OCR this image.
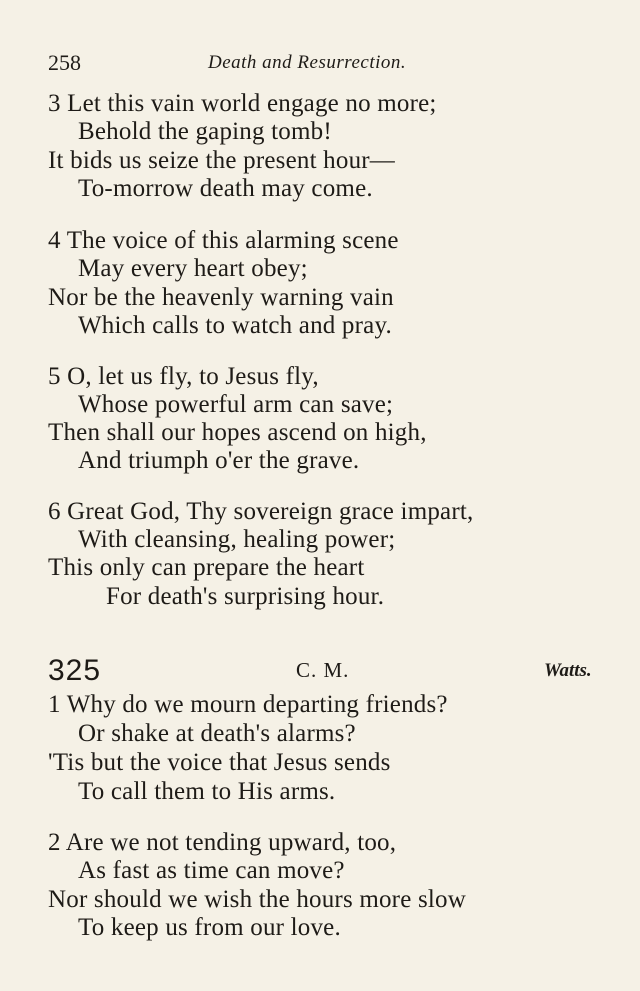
258	Death and Resurrection.
3 Let this vain world engage no more;
Behold the gaping tomb!
It bids us seize the present hour—
To-morrow death may come.
4 The voice of this alarming scene
May every heart obey;
Nor be the heavenly warning vain
Which calls to watch and pray.
5 O, let us fly, to Jesus fly,
Whose powerful arm can save;
Then shall our hopes ascend on high,
And triumph o'er the grave.
6 Great God, Thy sovereign grace impart,
With cleansing, healing power;
This only can prepare the heart
For death's surprising hour.
325	C. M.	Watts.
1 Why do we mourn departing friends?
Or shake at death's alarms?
'Tis but the voice that Jesus sends
To call them to His arms.
2 Are we not tending upward, too,
As fast as time can move?
Nor should we wish the hours more slow
To keep us from our love.
